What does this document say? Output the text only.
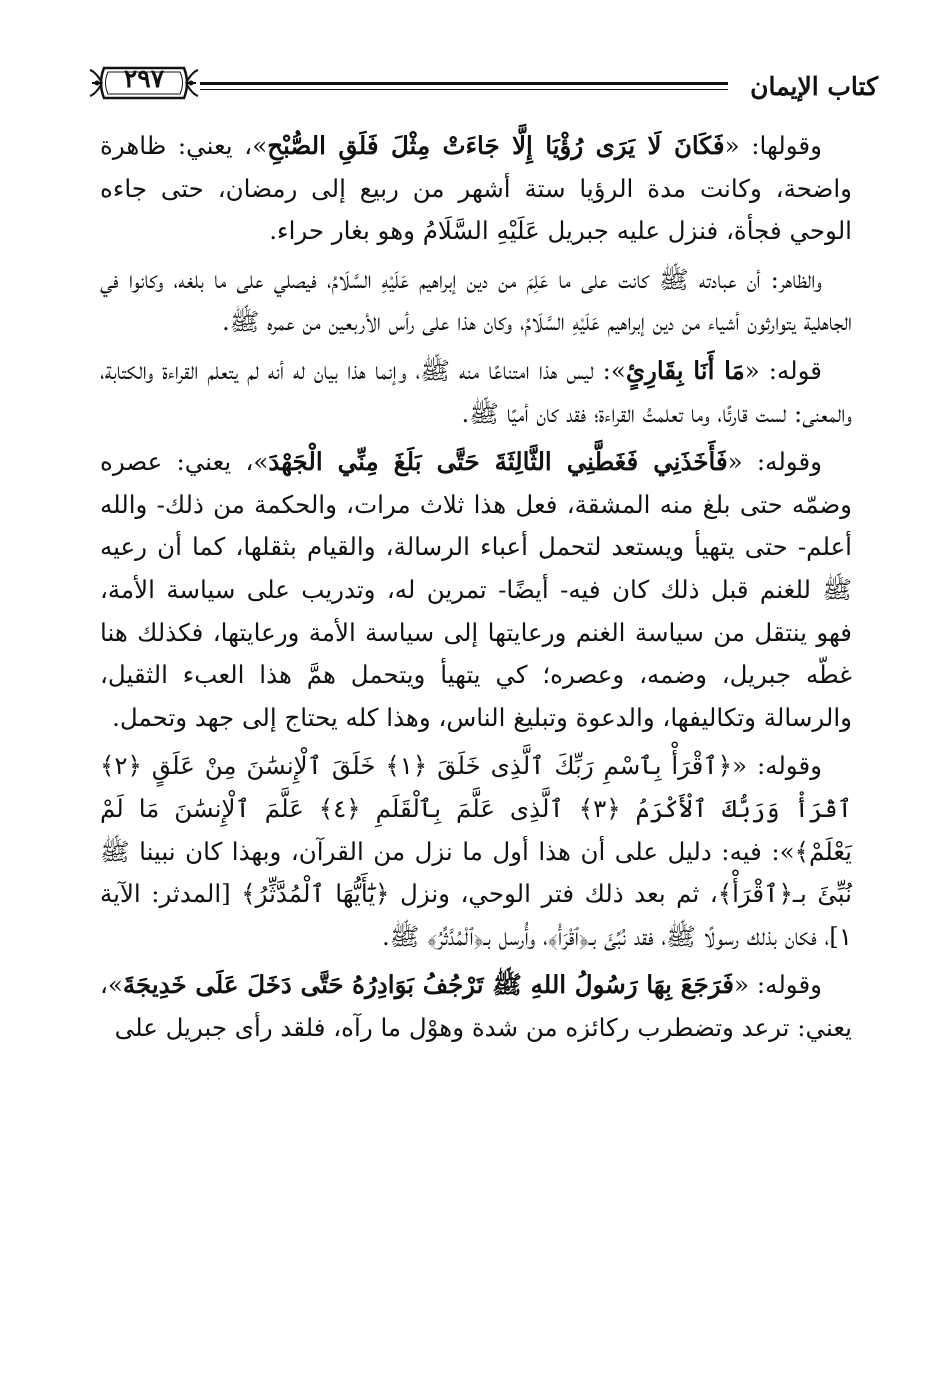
كتاب الإيمان
٢٩٧

وقولها: «فَكَانَ لَا يَرَى رُؤْيَا إِلَّا جَاءَتْ مِثْلَ فَلَقِ الصُّبْحِ»، يعني: ظاهرة واضحة، وكانت مدة الرؤيا ستة أشهر من ربيع إلى رمضان، حتى جاءه الوحي فجأة، فنزل عليه جبريل عَلَيْهِ السَّلَامُ وهو بغار حراء.

والظاهر: أن عبادته ﷺ كانت على ما عَلِمَ من دين إبراهيم عَلَيْهِ السَّلَامُ، فيصلي على ما بلغه، وكانوا في الجاهلية يتوارثون أشياء من دين إبراهيم عَلَيْهِ السَّلَامُ، وكان هذا على رأس الأربعين من عمره ﷺ.

قوله: «مَا أَنَا بِقَارِئٍ»: ليس هذا امتناعًا منه ﷺ، وإنما هذا بيان له أنه لم يتعلم القراءة والكتابة، والمعنى: لست قارئًا، وما تعلمتُ القراءة؛ فقد كان أميًا ﷺ.

وقوله: «فَأَخَذَنِي فَغَطَّنِي الثَّالِثَةَ حَتَّى بَلَغَ مِنِّي الْجَهْدَ»، يعني: عصره وضمّه حتى بلغ منه المشقة، فعل هذا ثلاث مرات، والحكمة من ذلك- والله أعلم- حتى يتهيأ ويستعد لتحمل أعباء الرسالة، والقيام بثقلها، كما أن رعيه ﷺ للغنم قبل ذلك كان فيه- أيضًا- تمرين له، وتدريب على سياسة الأمة، فهو ينتقل من سياسة الغنم ورعايتها إلى سياسة الأمة ورعايتها، فكذلك هنا غطّه جبريل، وضمه، وعصره؛ كي يتهيأ ويتحمل همَّ هذا العبء الثقيل، والرسالة وتكاليفها، والدعوة وتبليغ الناس، وهذا كله يحتاج إلى جهد وتحمل.

وقوله: «﴿ٱقْرَأْ بِٱسْمِ رَبِّكَ ٱلَّذِى خَلَقَ ﴿١﴾ خَلَقَ ٱلْإِنسَٰنَ مِنْ عَلَقٍ ﴿٢﴾ ٱقْرَأْ وَرَبُّكَ ٱلْأَكْرَمُ ﴿٣﴾ ٱلَّذِى عَلَّمَ بِٱلْقَلَمِ ﴿٤﴾ عَلَّمَ ٱلْإِنسَٰنَ مَا لَمْ يَعْلَمْ﴾»: فيه: دليل على أن هذا أول ما نزل من القرآن، وبهذا كان نبينا ﷺ نُبِّئَ بـ﴿ٱقْرَأْ﴾، ثم بعد ذلك فتر الوحي، ونزل ﴿يَٰٓأَيُّهَا ٱلْمُدَّثِّرُ﴾ [المدثر: الآية ١]، فكان بذلك رسولًا ﷺ، فقد نُبِّئَ بـ﴿ٱقْرَأْ﴾، وأُرسل بـ﴿ٱلْمُدَّثِّرُ﴾ ﷺ.

وقوله: «فَرَجَعَ بِهَا رَسُولُ اللهِ ﷺ تَرْجُفُ بَوَادِرُهُ حَتَّى دَخَلَ عَلَى خَدِيجَةَ»، يعني: ترعد وتضطرب ركائزه من شدة وهوْل ما رآه، فلقد رأى جبريل على
